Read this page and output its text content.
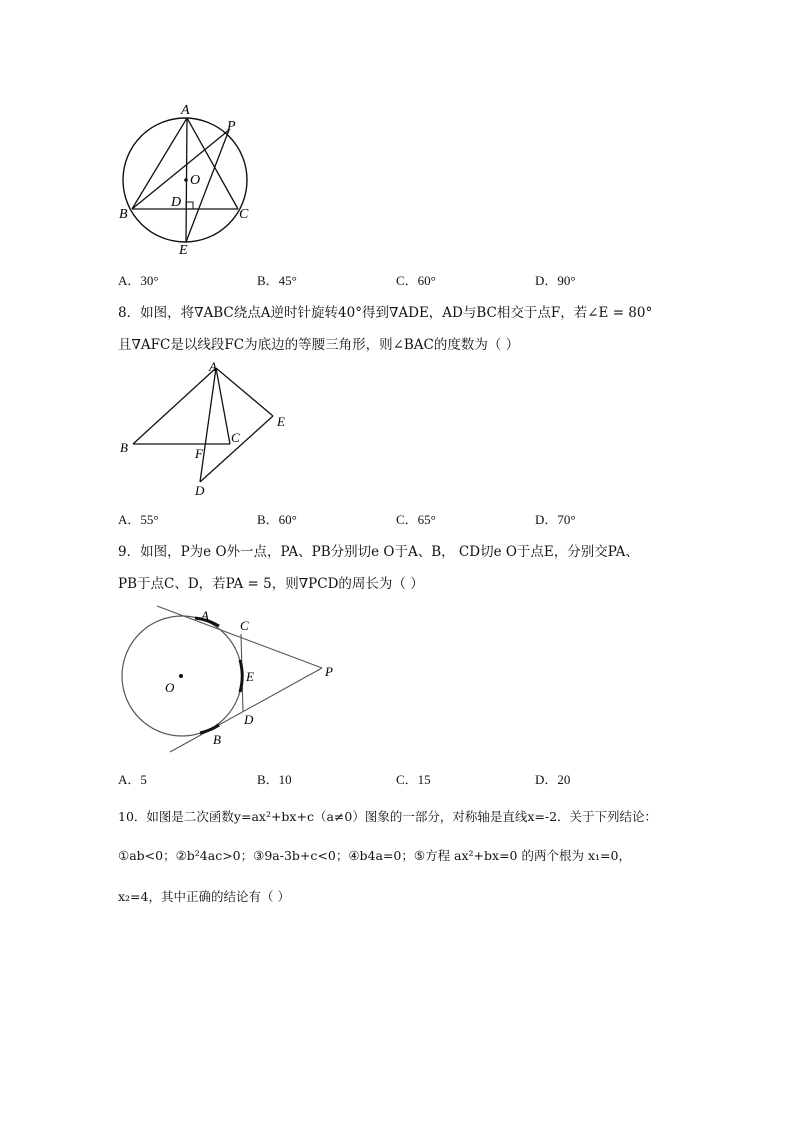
A
P
O
B
D
C
E
A．30°	B．45°	C．60°	D．90°
8．如图，将∇ABC绕点A逆时针旋转40°得到∇ADE，AD与BC相交于点F，若∠E = 80°
且∇AFC是以线段FC为底边的等腰三角形，则∠BAC的度数为（ ）
A
B
C
E
F
D
A．55°	B．60°	C．65°	D．70°
9．如图，P为e O外一点，PA、PB分别切e O于A、B， CD切e O于点E，分别交PA、
PB于点C、D，若PA = 5，则∇PCD的周长为（ ）
A
C
O
E	P
D
B
A．5	B．10	C．15	D．20
10．如图是二次函数y=ax²+bx+c（a≠0）图象的一部分，对称轴是直线x=-2．关于下列结论：
①ab<0；②b²4ac>0；③9a-3b+c<0；④b4a=0；⑤方程 ax²+bx=0 的两个根为 x₁=0，
x₂=4，其中正确的结论有（ ）
